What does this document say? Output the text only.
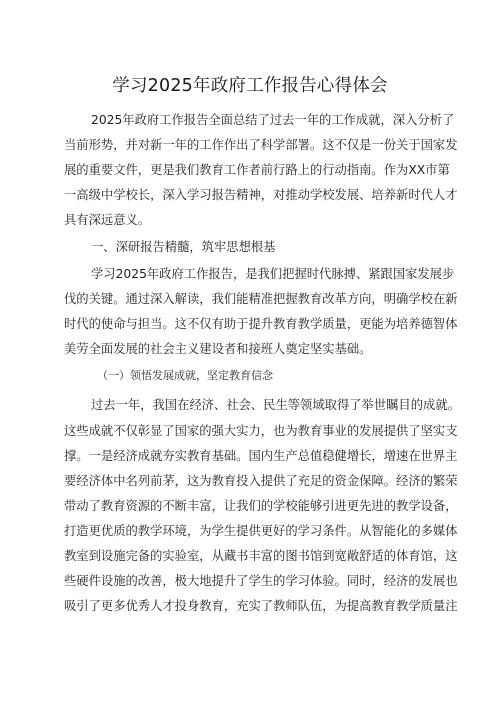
学习2025年政府工作报告心得体会
2025年政府工作报告全面总结了过去一年的工作成就，深入分析了
当前形势，并对新一年的工作作出了科学部署。这不仅是一份关于国家发
展的重要文件，更是我们教育工作者前行路上的行动指南。作为XX市第
一高级中学校长，深入学习报告精神，对推动学校发展、培养新时代人才
具有深远意义。
一、深研报告精髓，筑牢思想根基
学习2025年政府工作报告，是我们把握时代脉搏、紧跟国家发展步
伐的关键。通过深入解读，我们能精准把握教育改革方向，明确学校在新
时代的使命与担当。这不仅有助于提升教育教学质量，更能为培养德智体
美劳全面发展的社会主义建设者和接班人奠定坚实基础。
（一）领悟发展成就，坚定教育信念
过去一年，我国在经济、社会、民生等领域取得了举世瞩目的成就。
这些成就不仅彰显了国家的强大实力，也为教育事业的发展提供了坚实支
撑。一是经济成就夯实教育基础。国内生产总值稳健增长，增速在世界主
要经济体中名列前茅，这为教育投入提供了充足的资金保障。经济的繁荣
带动了教育资源的不断丰富，让我们的学校能够引进更先进的教学设备，
打造更优质的教学环境，为学生提供更好的学习条件。从智能化的多媒体
教室到设施完备的实验室，从藏书丰富的图书馆到宽敞舒适的体育馆，这
些硬件设施的改善，极大地提升了学生的学习体验。同时，经济的发展也
吸引了更多优秀人才投身教育，充实了教师队伍，为提高教育教学质量注
